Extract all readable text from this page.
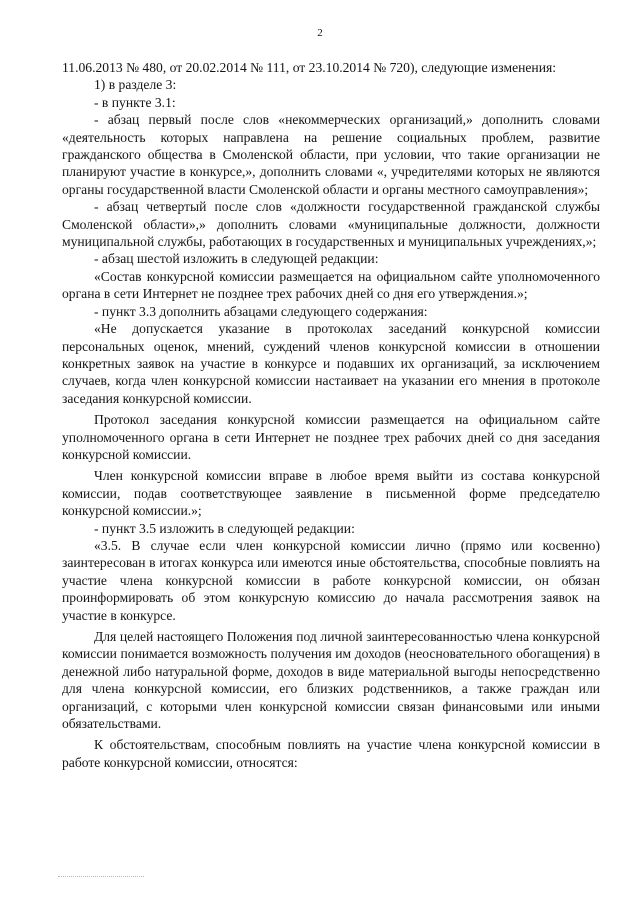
2

11.06.2013 № 480, от 20.02.2014 № 111, от 23.10.2014 № 720), следующие изменения:

1) в разделе 3:

- в пункте 3.1:

- абзац первый после слов «некоммерческих организаций,» дополнить словами «деятельность которых направлена на решение социальных проблем, развитие гражданского общества в Смоленской области, при условии, что такие организации не планируют участие в конкурсе,», дополнить словами «, учредителями которых не являются органы государственной власти Смоленской области и органы местного самоуправления»;

- абзац четвертый после слов «должности государственной гражданской службы Смоленской области»,» дополнить словами «муниципальные должности, должности муниципальной службы, работающих в государственных и муниципальных учреждениях,»;

- абзац шестой изложить в следующей редакции:

«Состав конкурсной комиссии размещается на официальном сайте уполномоченного органа в сети Интернет не позднее трех рабочих дней со дня его утверждения.»;

- пункт 3.3 дополнить абзацами следующего содержания:

«Не допускается указание в протоколах заседаний конкурсной комиссии персональных оценок, мнений, суждений членов конкурсной комиссии в отношении конкретных заявок на участие в конкурсе и подавших их организаций, за исключением случаев, когда член конкурсной комиссии настаивает на указании его мнения в протоколе заседания конкурсной комиссии.

Протокол заседания конкурсной комиссии размещается на официальном сайте уполномоченного органа в сети Интернет не позднее трех рабочих дней со дня заседания конкурсной комиссии.

Член конкурсной комиссии вправе в любое время выйти из состава конкурсной комиссии, подав соответствующее заявление в письменной форме председателю конкурсной комиссии.»;

- пункт 3.5 изложить в следующей редакции:

«3.5. В случае если член конкурсной комиссии лично (прямо или косвенно) заинтересован в итогах конкурса или имеются иные обстоятельства, способные повлиять на участие члена конкурсной комиссии в работе конкурсной комиссии, он обязан проинформировать об этом конкурсную комиссию до начала рассмотрения заявок на участие в конкурсе.

Для целей настоящего Положения под личной заинтересованностью члена конкурсной комиссии понимается возможность получения им доходов (неосновательного обогащения) в денежной либо натуральной форме, доходов в виде материальной выгоды непосредственно для члена конкурсной комиссии, его близких родственников, а также граждан или организаций, с которыми член конкурсной комиссии связан финансовыми или иными обязательствами.

К обстоятельствам, способным повлиять на участие члена конкурсной комиссии в работе конкурсной комиссии, относятся:
